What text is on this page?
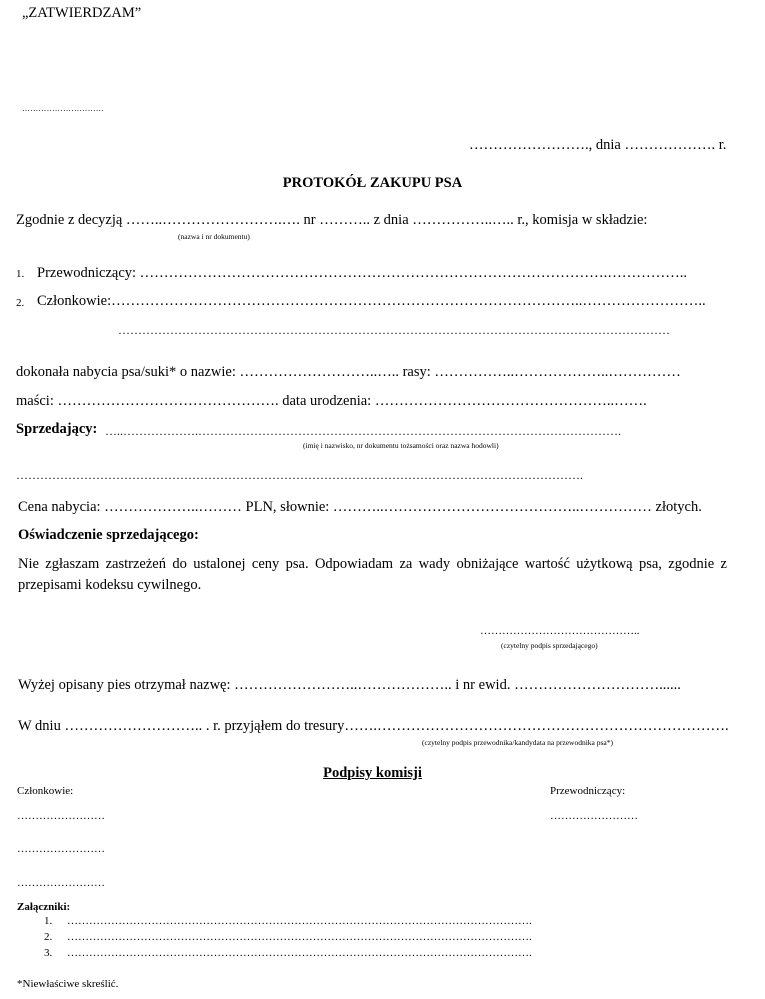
„ZATWIERDZAM”
…………………………
……………………., dnia ………………. r.
PROTOKÓŁ ZAKUPU PSA
Zgodnie z decyzją ……..…………………….…. nr ……….. z dnia ……………..….. r., komisja w składzie:
(nazwa i nr dokumentu)
1. Przewodniczący: …………………………………………………………………………………….……………..
2. Członkowie:……………………………………………………………………………………..……………………..
…………………………………………………………………………………………………………………………
dokonała nabycia psa/suki* o nazwie: ………………………..….. rasy: ……………..………………..……………
maści: ………………………………………. data urodzenia: …………………………………………..…….
Sprzedający: …..……………….…………………………………………………………………………………………….
(imię i nazwisko, nr dokumentu tożsamości oraz nazwa hodowli)
…………………………………………………………………………………………………………………………….
Cena nabycia: ………………..……… PLN, słownie: ………..…………………………………..…………… złotych.
Oświadczenie sprzedającego:
Nie zgłaszam zastrzeżeń do ustalonej ceny psa. Odpowiadam za wady obniżające wartość użytkową psa, zgodnie z przepisami kodeksu cywilnego.
……………………………………..
(czytelny podpis sprzedającego)
Wyżej opisany pies otrzymał nazwę: ……………………..……………….. i nr ewid. …………………………......
W dniu ……………………….. . r. przyjąłem do tresury…….……………………………………………………………….
(czytelny podpis przewodnika/kandydata na przewodnika psa*)
Podpisy komisji
Członkowie:	Przewodniczący:
……………………	……………………
……………………
……………………
Załączniki:
1. ……………………………………………………………………………………………………………….
2. ……………………………………………………………………………………………………………….
3. ……………………………………………………………………………………………………………….
*Niewłaściwe skreślić.
